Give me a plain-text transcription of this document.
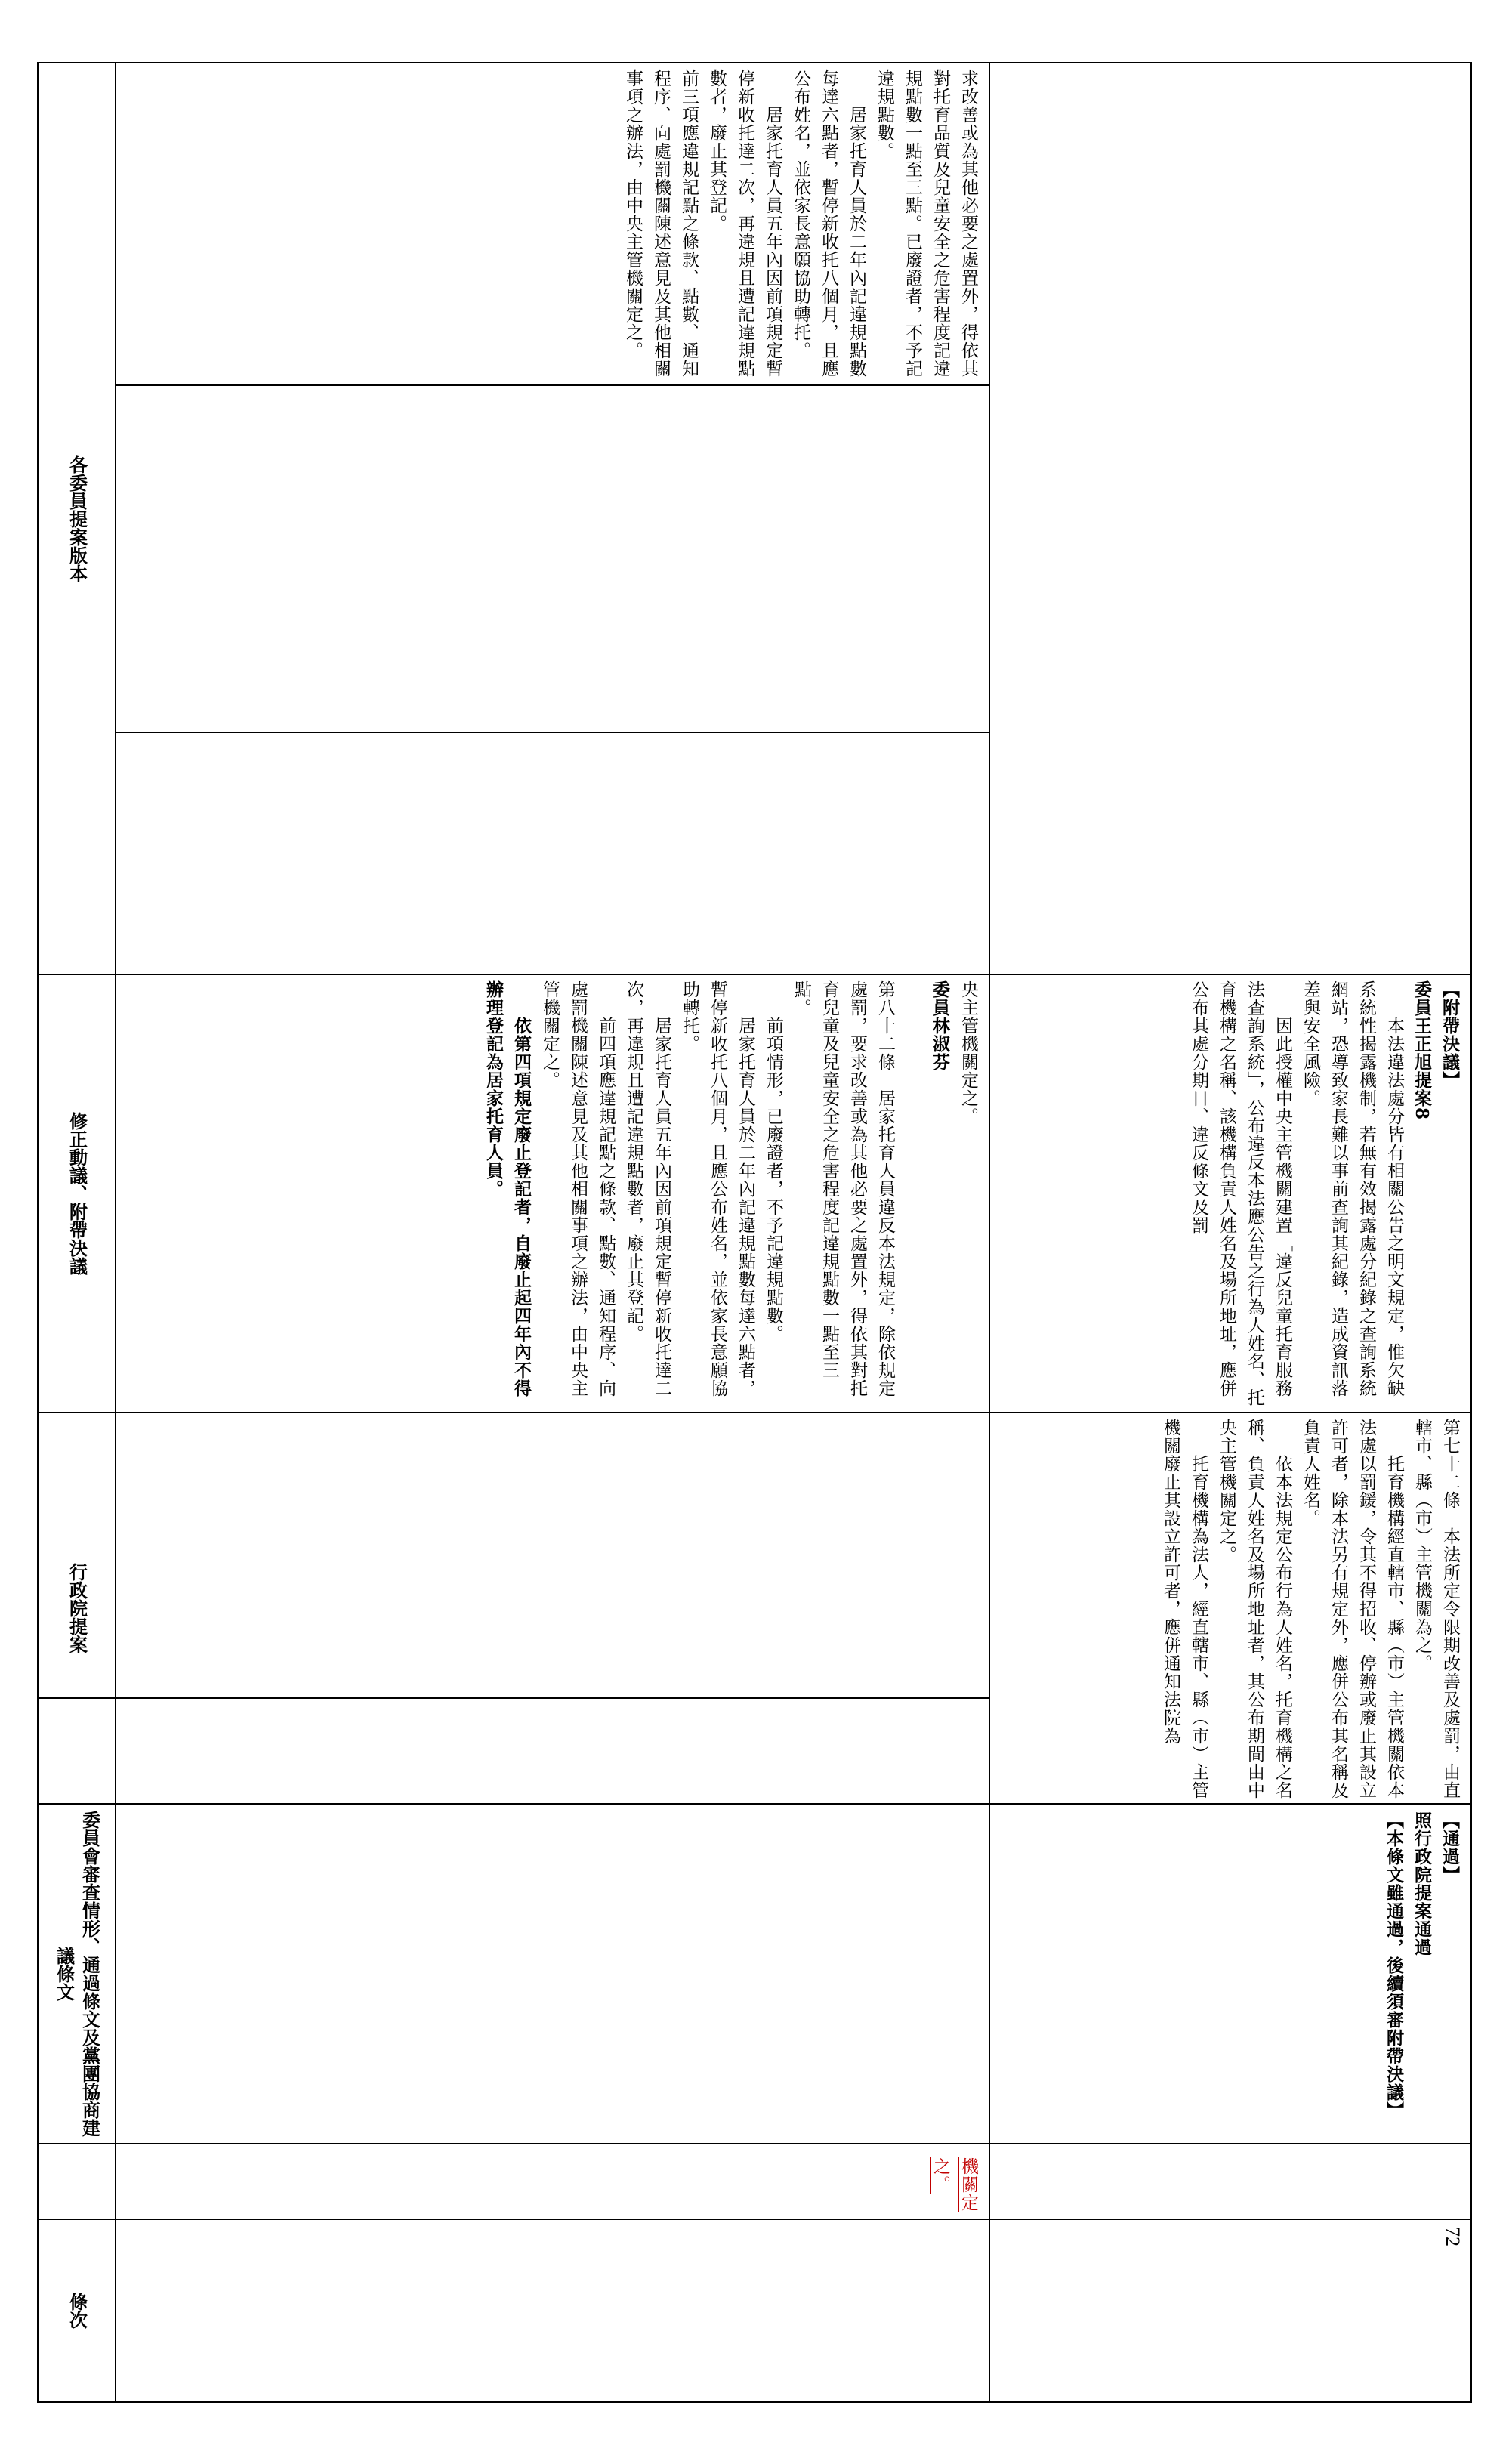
條次
委員會審查情形、通過條文及黨團協商建議條文
行政院提案
修正動議、附帶決議
各委員提案版本

機關定之。

央主管機關定之。

委員林淑芬

第八十二條　居家托育人員違反本法規定，除依規定處罰，要求改善或為其他必要之處置外，得依其對托育兒童及兒童安全之危害程度記違規點數一點至三點。

　　前項情形，已廢證者，不予記違規點數。

　　居家托育人員於二年內記違規點數每達六點者，暫停新收托八個月，且應公布姓名，並依家長意願協助轉托。

　　居家托育人員五年內因前項規定暫停新收托達二次，再違規且遭記違規點數者，廢止其登記。

　　前四項應違規記點之條款、點數、通知程序、向處罰機關陳述意見及其他相關事項之辦法，由中央主管機關定之。

　　依第四項規定廢止登記者，自廢止起四年內不得辦理登記為居家托育人員。

求改善或為其他必要之處置外，得依其對托育品質及兒童安全之危害程度記違規點數一點至三點。已廢證者，不予記違規點數。

　　居家托育人員於二年內記違規點數每達六點者，暫停新收托八個月，且應公布姓名，並依家長意願協助轉托。

　　居家托育人員五年內因前項規定暫停新收托達二次，再違規且遭記違規點數者，廢止其登記。

前三項應違規記點之條款、點數、通知程序、向處罰機關陳述意見及其他相關事項之辦法，由中央主管機關定之。

72

【通過】

照行政院提案通過

【本條文雖通過，後續須審附帶決議】

第七十二條　本法所定令限期改善及處罰，由直轄市、縣（市）主管機關為之。

　　托育機構經直轄市、縣（市）主管機關依本法處以罰鍰，令其不得招收、停辦或廢止其設立許可者，除本法另有規定外，應併公布其名稱及負責人姓名。

　　依本法規定公布行為人姓名，托育機構之名稱、負責人姓名及場所地址者，其公布期間由中央主管機關定之。

　　托育機構為法人，經直轄市、縣（市）主管機關廢止其設立許可者，應併通知法院為

【附帶決議】

委員王正旭提案8

　　本法違法處分皆有相關公告之明文規定，惟欠缺系統性揭露機制，若無有效揭露處分紀錄之查詢系統網站，恐導致家長難以事前查詢其紀錄，造成資訊落差與安全風險。

　　因此授權中央主管機關建置「違反兒童托育服務法查詢系統」，公布違反本法應公告之行為人姓名、托育機構之名稱、該機構負責人姓名及場所地址，應併公布其處分期日、違反條文及罰
